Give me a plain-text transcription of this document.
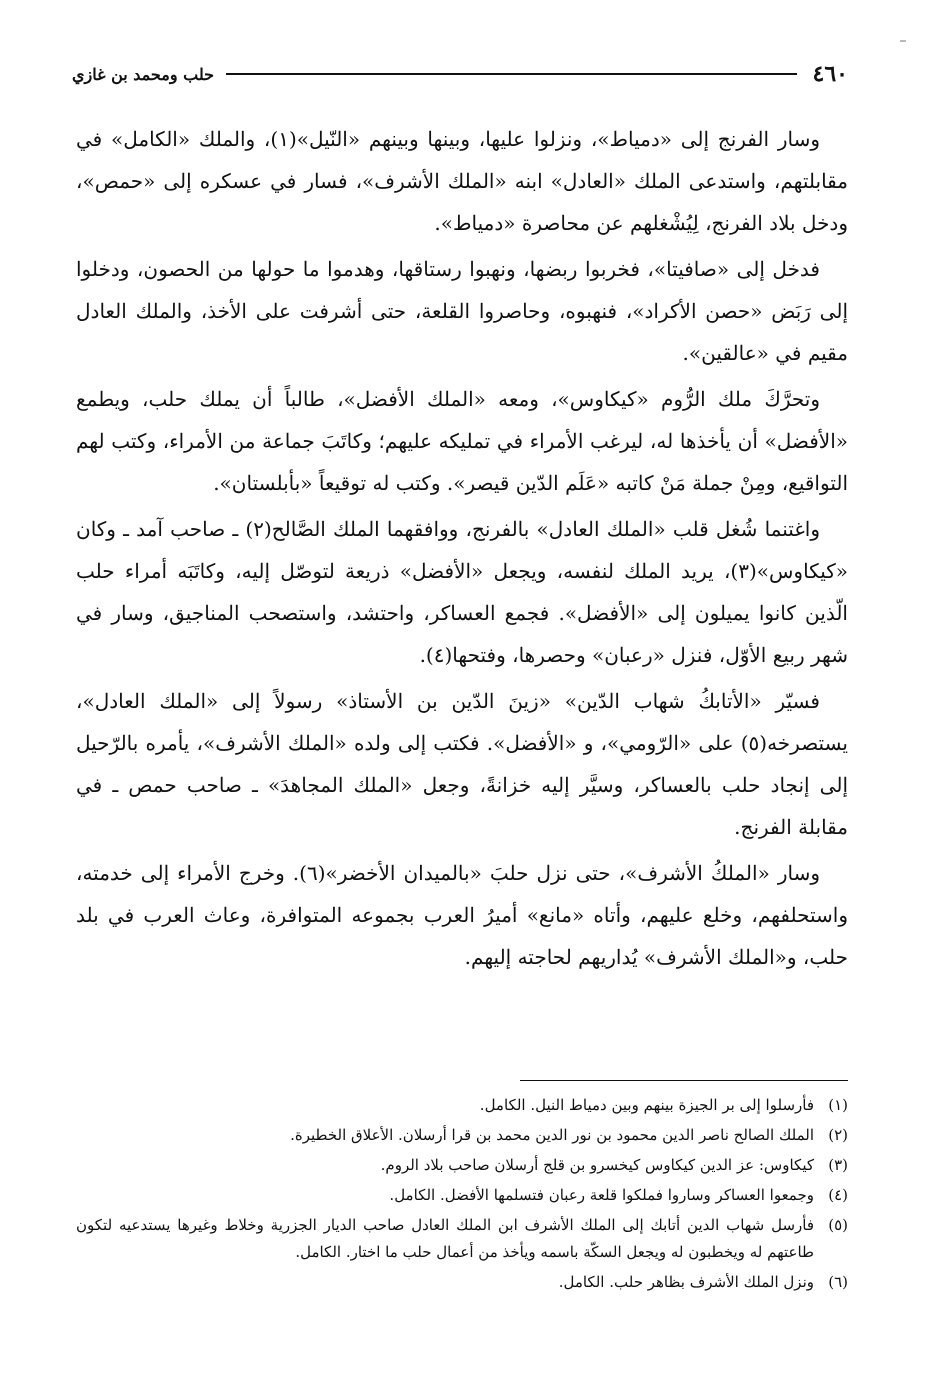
٤٦٠
حلب ومحمد بن غازي

وسار الفرنج إلى «دمياط»، ونزلوا عليها، وبينها وبينهم «النّيل»(١)، والملك «الكامل» في مقابلتهم، واستدعى الملك «العادل» ابنه «الملك الأشرف»، فسار في عسكره إلى «حمص»، ودخل بلاد الفرنج، لِيُشْغلهم عن محاصرة «دمياط».

فدخل إلى «صافيتا»، فخربوا ربضها، ونهبوا رستاقها، وهدموا ما حولها من الحصون، ودخلوا إلى رَبَض «حصن الأكراد»، فنهبوه، وحاصروا القلعة، حتى أشرفت على الأخذ، والملك العادل مقيم في «عالقين».

وتحرَّكَ ملك الرُّوم «كيكاوس»، ومعه «الملك الأفضل»، طالباً أن يملك حلب، ويطمع «الأفضل» أن يأخذها له، ليرغب الأمراء في تمليكه عليهم؛ وكاتَبَ جماعة من الأمراء، وكتب لهم التواقيع، ومِنْ جملة مَنْ كاتبه «عَلَم الدّين قيصر». وكتب له توقيعاً «بأبلستان».

واغتنما شُغل قلب «الملك العادل» بالفرنج، ووافقهما الملك الصَّالح(٢) ـ صاحب آمد ـ وكان «كيكاوس»(٣)، يريد الملك لنفسه، ويجعل «الأفضل» ذريعة لتوصّل إليه، وكاتَبَه أمراء حلب الّذين كانوا يميلون إلى «الأفضل». فجمع العساكر، واحتشد، واستصحب المناجيق، وسار في شهر ربيع الأوّل، فنزل «رعبان» وحصرها، وفتحها(٤).

فسيّر «الأتابكُ شهاب الدّين» «زينَ الدّين بن الأستاذ» رسولاً إلى «الملك العادل»، يستصرخه(٥) على «الرّومي»، و «الأفضل». فكتب إلى ولده «الملك الأشرف»، يأمره بالرّحيل إلى إنجاد حلب بالعساكر، وسيَّر إليه خزانةً، وجعل «الملك المجاهدَ» ـ صاحب حمص ـ في مقابلة الفرنج.

وسار «الملكُ الأشرف»، حتى نزل حلبَ «بالميدان الأخضر»(٦). وخرج الأمراء إلى خدمته، واستحلفهم، وخلع عليهم، وأتاه «مانع» أميرُ العرب بجموعه المتوافرة، وعاث العرب في بلد حلب، و«الملك الأشرف» يُداريهم لحاجته إليهم.

(١)
فأرسلوا إلى بر الجيزة بينهم وبين دمياط النيل. الكامل.
(٢)
الملك الصالح ناصر الدين محمود بن نور الدين محمد بن قرا أرسلان. الأعلاق الخطيرة.
(٣)
كيكاوس: عز الدين كيكاوس كيخسرو بن قلج أرسلان صاحب بلاد الروم.
(٤)
وجمعوا العساكر وساروا فملكوا قلعة رعبان فتسلمها الأفضل. الكامل.
(٥)
فأرسل شهاب الدين أتابك إلى الملك الأشرف ابن الملك العادل صاحب الديار الجزرية وخلاط وغيرها يستدعيه لتكون طاعتهم له ويخطبون له ويجعل السكّة باسمه ويأخذ من أعمال حلب ما اختار. الكامل.
(٦)
ونزل الملك الأشرف بظاهر حلب. الكامل.
